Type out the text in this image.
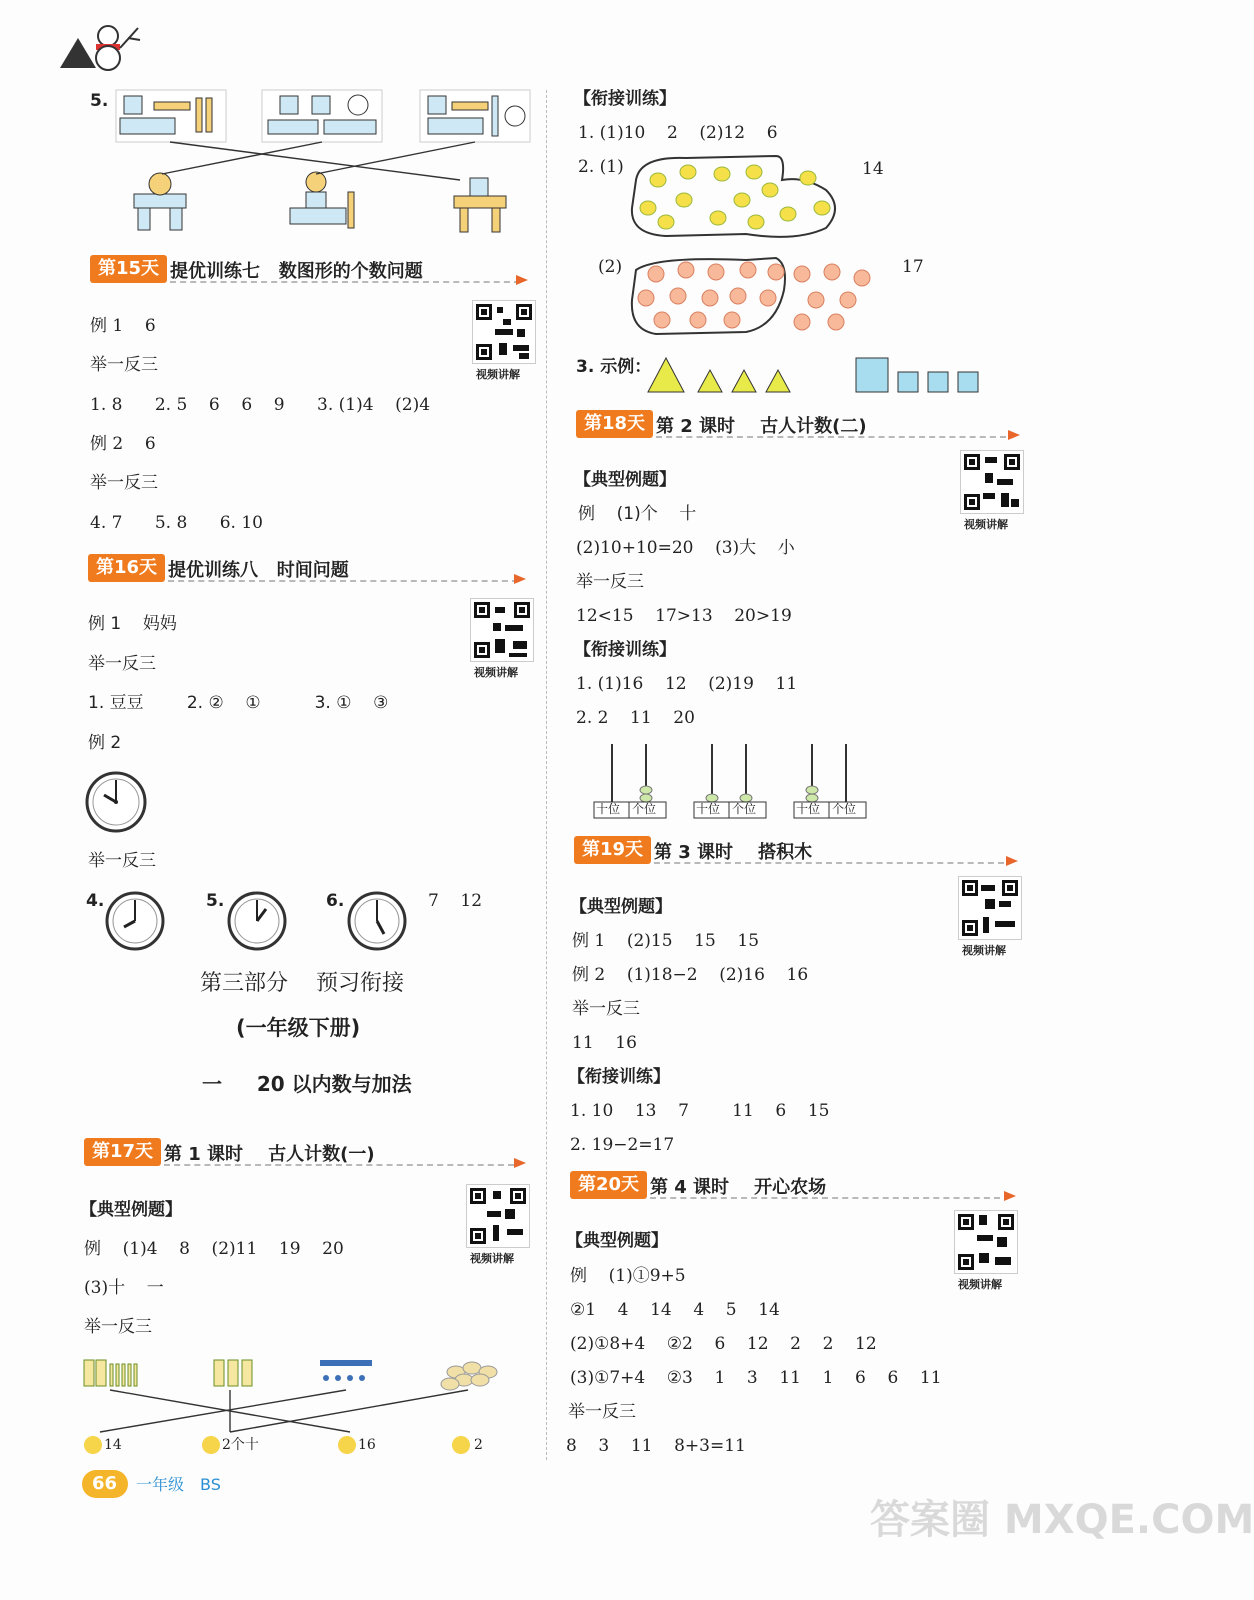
5.
第15天 提优训练七   数图形的个数问题
视频讲解
例 1    6
举一反三
1. 8      2. 5    6    6    9      3. (1)4    (2)4
例 2    6
举一反三
4. 7      5. 8      6. 10
第16天 提优训练八   时间问题
视频讲解
例 1    妈妈
举一反三
1. 豆豆        2. ②    ①          3. ①    ③
例 2
举一反三
4.	5.	6.	7    12
第三部分    预习衔接
(一年级下册)
一     20 以内数与加法
第17天 第 1 课时    古人计数(一)
视频讲解
【典型例题】
例    (1)4    8    (2)11    19    20
(3)十    一
举一反三
14	2个十	16	2
66 一年级 BS
【衔接训练】
1. (1)10    2    (2)12    6
2. (1)	14
(2)	17
3. 示例：
第18天 第 2 课时    古人计数(二)
视频讲解
【典型例题】
例    (1)个    十
(2)10+10=20    (3)大    小
举一反三
12<15    17>13    20>19
【衔接训练】
1. (1)16    12    (2)19    11
2. 2    11    20
十位 个位	十位 个位	十位 个位
第19天 第 3 课时    搭积木
视频讲解
【典型例题】
例 1    (2)15    15    15
例 2    (1)18−2    (2)16    16
举一反三
11    16
【衔接训练】
1. 10    13    7        11    6    15
2. 19−2=17
第20天 第 4 课时    开心农场
视频讲解
【典型例题】
例    (1)①9+5
②1    4    14    4    5    14
(2)①8+4    ②2    6    12    2    2    12
(3)①7+4    ②3    1    3    11    1    6    6    11
举一反三
8    3    11    8+3=11
答案圈 MXQE.COM
